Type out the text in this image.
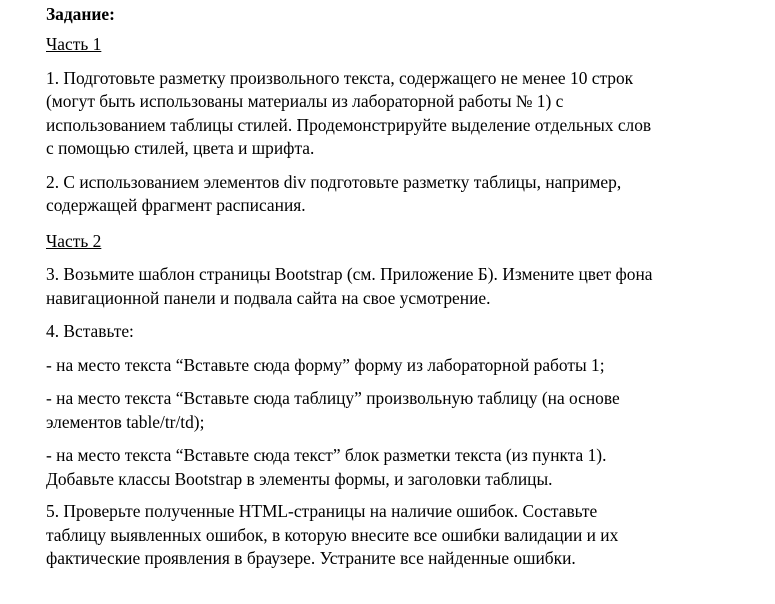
Задание:

Часть 1

1. Подготовьте разметку произвольного текста, содержащего не менее 10 строк
(могут быть использованы материалы из лабораторной работы № 1) с
использованием таблицы стилей. Продемонстрируйте выделение отдельных слов
с помощью стилей, цвета и шрифта.

2. С использованием элементов div подготовьте разметку таблицы, например,
содержащей фрагмент расписания.

Часть 2

3. Возьмите шаблон страницы Bootstrap (см. Приложение Б). Измените цвет фона
навигационной панели и подвала сайта на свое усмотрение.

4. Вставьте:

- на место текста “Вставьте сюда форму” форму из лабораторной работы 1;

- на место текста “Вставьте сюда таблицу” произвольную таблицу (на основе
элементов table/tr/td);

- на место текста “Вставьте сюда текст” блок разметки текста (из пункта 1).
Добавьте классы Bootstrap в элементы формы, и заголовки таблицы.

5. Проверьте полученные HTML-страницы на наличие ошибок. Составьте
таблицу выявленных ошибок, в которую внесите все ошибки валидации и их
фактические проявления в браузере. Устраните все найденные ошибки.
